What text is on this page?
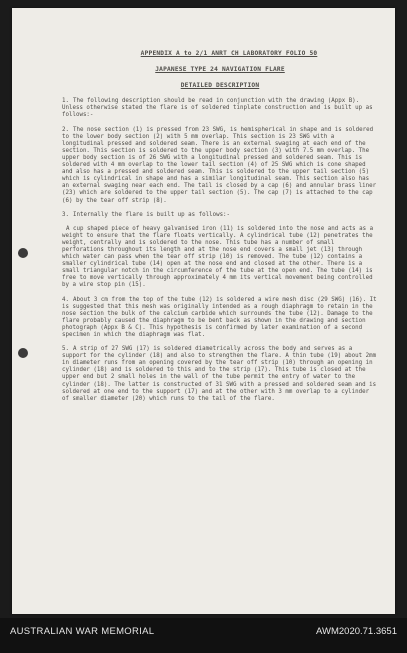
APPENDIX A to 2/1 ANRT CH LABORATORY FOLIO 50
JAPANESE TYPE 24 NAVIGATION FLARE
DETAILED DESCRIPTION
1. The following description should be read in conjunction with the drawing (Appx B). Unless otherwise stated the flare is of soldered tinplate construction and is built up as follows:-
2. The nose section (1) is pressed from 23 SWG, is hemispherical in shape and is soldered to the lower body section (2) with 5 mm overlap. This section is 23 SWG with a longitudinal pressed and soldered seam. There is an external swaging at each end of the section. This section is soldered to the upper body section (3) with 7.5 mm overlap. The upper body section is of 26 SWG with a longitudinal pressed and soldered seam. This is soldered with 4 mm overlap to the lower tail section (4) of 25 SWG which is cone shaped and also has a pressed and soldered seam. This is soldered to the upper tail section (5) which is cylindrical in shape and has a similar longitudinal seam. This section also has an external swaging near each end. The tail is closed by a cap (6) and annular brass liner (23) which are soldered to the upper tail section (5). The cap (7) is attached to the cap (6) by the tear off strip (8).
3. Internally the flare is built up as follows:-
A cup shaped piece of heavy galvanised iron (11) is soldered into the nose and acts as a weight to ensure that the flare floats vertically. A cylindrical tube (12) penetrates the weight, centrally and is soldered to the nose. This tube has a number of small perforations throughout its length and at the nose end covers a small jet (13) through which water can pass when the tear off strip (10) is removed. The tube (12) contains a smaller cylindrical tube (14) open at the nose end and closed at the other. There is a small triangular notch in the circumference of the tube at the open end. The tube (14) is free to move vertically through approximately 4 mm its vertical movement being controlled by a wire stop pin (15).
4. About 3 cm from the top of the tube (12) is soldered a wire mesh disc (29 SWG) (16). It is suggested that this mesh was originally intended as a rough diaphragm to retain in the nose section the bulk of the calcium carbide which surrounds the tube (12). Damage to the flare probably caused the diaphragm to be bent back as shown in the drawing and section photograph (Appx B & C). This hypothesis is confirmed by later examination of a second specimen in which the diaphragm was flat.
5. A strip of 27 SWG (17) is soldered diametrically across the body and serves as a support for the cylinder (18) and also to strengthen the flare. A thin tube (19) about 2mm in diameter runs from an opening covered by the tear off strip (10) through an opening in cylinder (18) and is soldered to this and to the strip (17). This tube is closed at the upper end but 2 small holes in the wall of the tube permit the entry of water to the cylinder (18). The latter is constructed of 31 SWG with a pressed and soldered seam and is soldered at one end to the support (17) and at the other with 3 mm overlap to a cylinder of smaller diameter (20) which runs to the tail of the flare.
AUSTRALIAN WAR MEMORIAL	AWM2020.71.3651
